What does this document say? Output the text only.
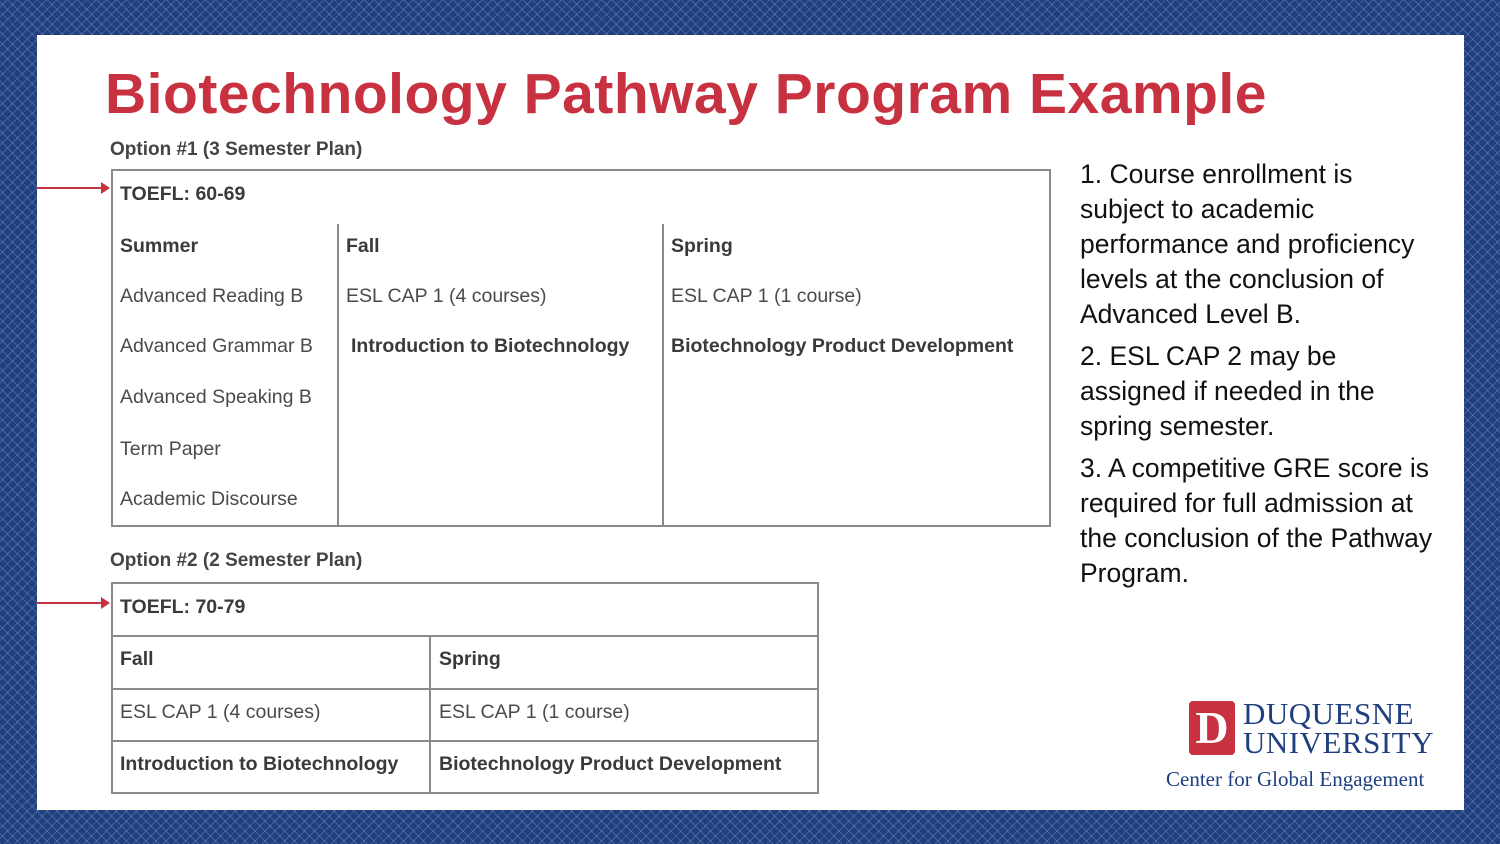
Biotechnology Pathway Program Example
Option #1 (3 Semester Plan)
TOEFL: 60-69
Summer
Advanced Reading B
Advanced Grammar B
Advanced Speaking B
Term Paper
Academic Discourse
Fall
ESL CAP 1 (4 courses)
Introduction to Biotechnology
Spring
ESL CAP 1 (1 course)
Biotechnology Product Development
Option #2 (2 Semester Plan)
TOEFL: 70-79
Fall	Spring
ESL CAP 1 (4 courses)	ESL CAP 1 (1 course)
Introduction to Biotechnology Biotechnology Product Development

1. Course enrollment is subject to academic performance and proficiency levels at the conclusion of Advanced Level B.

2. ESL CAP 2 may be assigned if needed in the spring semester.

3. A competitive GRE score is required for full admission at the conclusion of the Pathway Program.

D DUQUESNE
UNIVERSITY
Center for Global Engagement
